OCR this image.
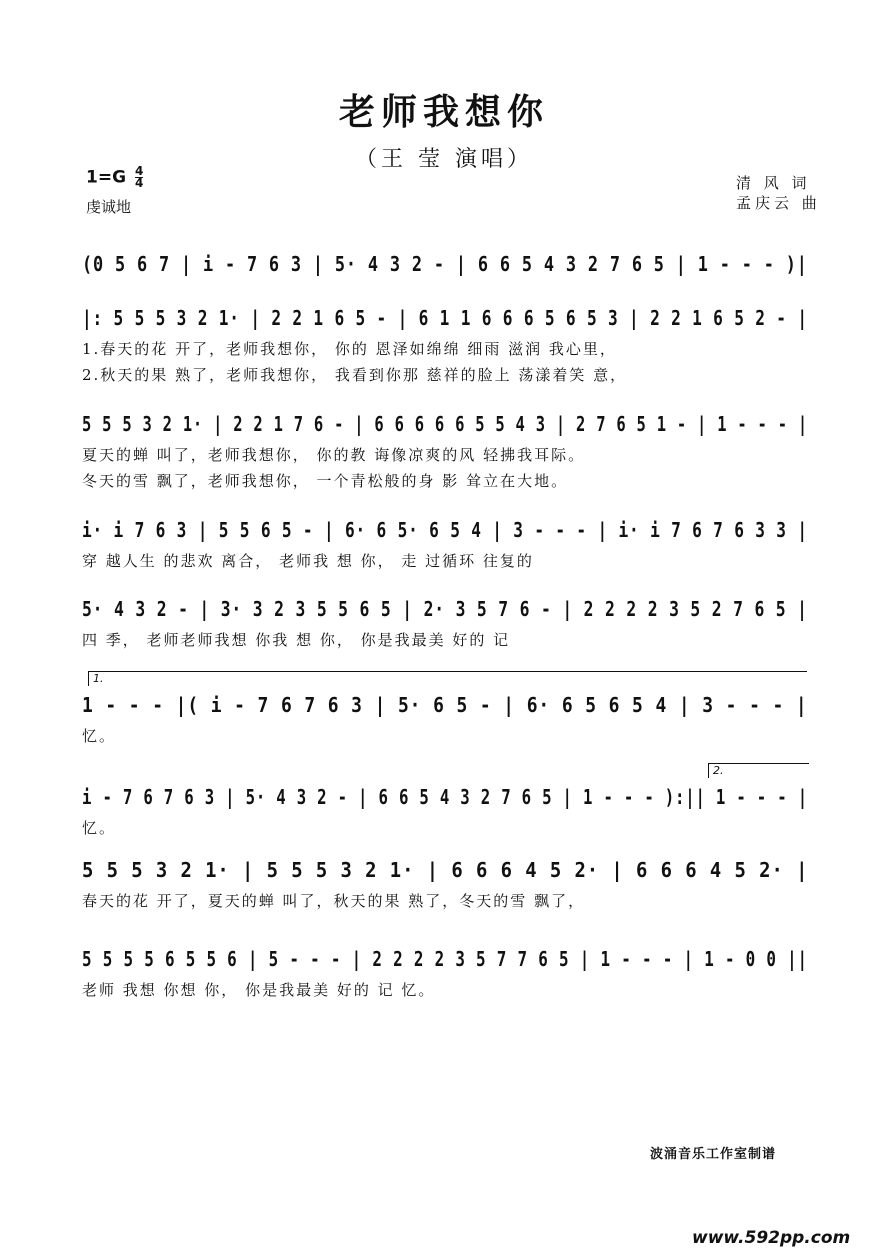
老师我想你
（王 莹 演唱）
$1=G \frac{4}{4}$
虔诚地
清 风 词
孟庆云 曲
(0 5 6 7 | i - 7 6 3 | 5· 4 3 2 - | 6 6 5 4 3 2 7 6 5 | 1 - - - )|
|: 5 5 5 3 2 1· | 2 2 1 6 5 - | 6 1 1 6 6 6 5 6 5 3 | 2 2 1 6 5 2 - |
1.春天的花 开了，老师我想你， 你的 恩泽如绵绵 细雨 滋润 我心里，
2.秋天的果 熟了，老师我想你， 我看到你那 慈祥的脸上 荡漾着笑 意，
5 5 5 3 2 1· | 2 2 1 7 6 - | 6 6 6 6 6 5 5 4 3 | 2 7 6 5 1 - | 1 - - - |
夏天的蝉 叫了，老师我想你， 你的教 诲像凉爽的风 轻拂我耳际。
冬天的雪 飘了，老师我想你， 一个青松般的身 影 耸立在大地。
i· i 7 6 3 | 5 5 6 5 - | 6· 6 5· 6 5 4 | 3 - - - | i· i 7 6 7 6 3 3 |
穿 越人生 的悲欢 离合， 老师我 想 你， 走 过循环 往复的
5· 4 3 2 - | 3· 3 2 3 5 5 6 5 | 2· 3 5 7 6 - | 2 2 2 2 3 5 2 7 6 5 |
四 季， 老师老师我想 你我 想 你， 你是我最美 好的 记
1.
1 - - - |( i - 7 6 7 6 3 | 5· 6 5 - | 6· 6 5 6 5 4 | 3 - - - |
忆。
2.
i - 7 6 7 6 3 | 5· 4 3 2 - | 6 6 5 4 3 2 7 6 5 | 1 - - - ):|| 1 - - - |
忆。
5 5 5 3 2 1· | 5 5 5 3 2 1· | 6 6 6 4 5 2· | 6 6 6 4 5 2· |
春天的花 开了，夏天的蝉 叫了，秋天的果 熟了，冬天的雪 飘了，
5 5 5 5 6 5 5 6 | 5 - - - | 2 2 2 2 3 5 7 7 6 5 | 1 - - - | 1 - 0 0 ||
老师 我想 你想 你， 你是我最美 好的 记 忆。
波涌音乐工作室制谱
www.592pp.com
